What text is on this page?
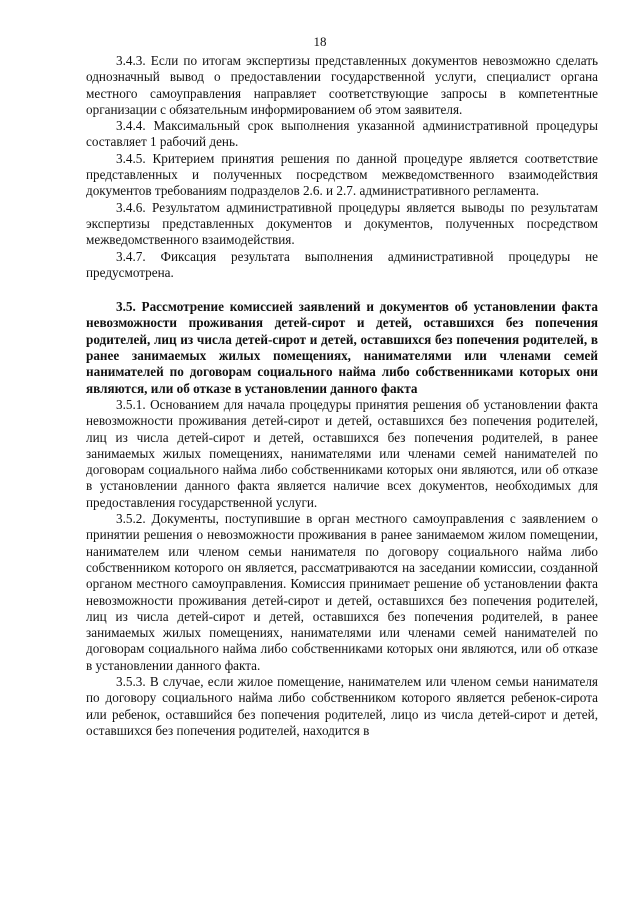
18

3.4.3. Если по итогам экспертизы представленных документов невозможно сделать однозначный вывод о предоставлении государственной услуги, специалист органа местного самоуправления направляет соответствующие запросы в компетентные организации с обязательным информированием об этом заявителя.

3.4.4. Максимальный срок выполнения указанной административной процедуры составляет 1 рабочий день.

3.4.5. Критерием принятия решения по данной процедуре является соответствие представленных и полученных посредством межведомственного взаимодействия документов требованиям подразделов 2.6. и 2.7. административного регламента.

3.4.6. Результатом административной процедуры является выводы по результатам экспертизы представленных документов и документов, полученных посредством межведомственного взаимодействия.

3.4.7. Фиксация результата выполнения административной процедуры не предусмотрена.

3.5. Рассмотрение комиссией заявлений и документов об установлении факта невозможности проживания детей-сирот и детей, оставшихся без попечения родителей, лиц из числа детей-сирот и детей, оставшихся без попечения родителей, в ранее занимаемых жилых помещениях, нанимателями или членами семей нанимателей по договорам социального найма либо собственниками которых они являются, или об отказе в установлении данного факта

3.5.1. Основанием для начала процедуры принятия решения об установлении факта невозможности проживания детей-сирот и детей, оставшихся без попечения родителей, лиц из числа детей-сирот и детей, оставшихся без попечения родителей, в ранее занимаемых жилых помещениях, нанимателями или членами семей нанимателей по договорам социального найма либо собственниками которых они являются, или об отказе в установлении данного факта является наличие всех документов, необходимых для предоставления государственной услуги.

3.5.2. Документы, поступившие в орган местного самоуправления с заявлением о принятии решения о невозможности проживания в ранее занимаемом жилом помещении, нанимателем или членом семьи нанимателя по договору социального найма либо собственником которого он является, рассматриваются на заседании комиссии, созданной органом местного самоуправления. Комиссия принимает решение об установлении факта невозможности проживания детей-сирот и детей, оставшихся без попечения родителей, лиц из числа детей-сирот и детей, оставшихся без попечения родителей, в ранее занимаемых жилых помещениях, нанимателями или членами семей нанимателей по договорам социального найма либо собственниками которых они являются, или об отказе в установлении данного факта.

3.5.3. В случае, если жилое помещение, нанимателем или членом семьи нанимателя по договору социального найма либо собственником которого является ребенок-сирота или ребенок, оставшийся без попечения родителей, лицо из числа детей-сирот и детей, оставшихся без попечения родителей, находится в
